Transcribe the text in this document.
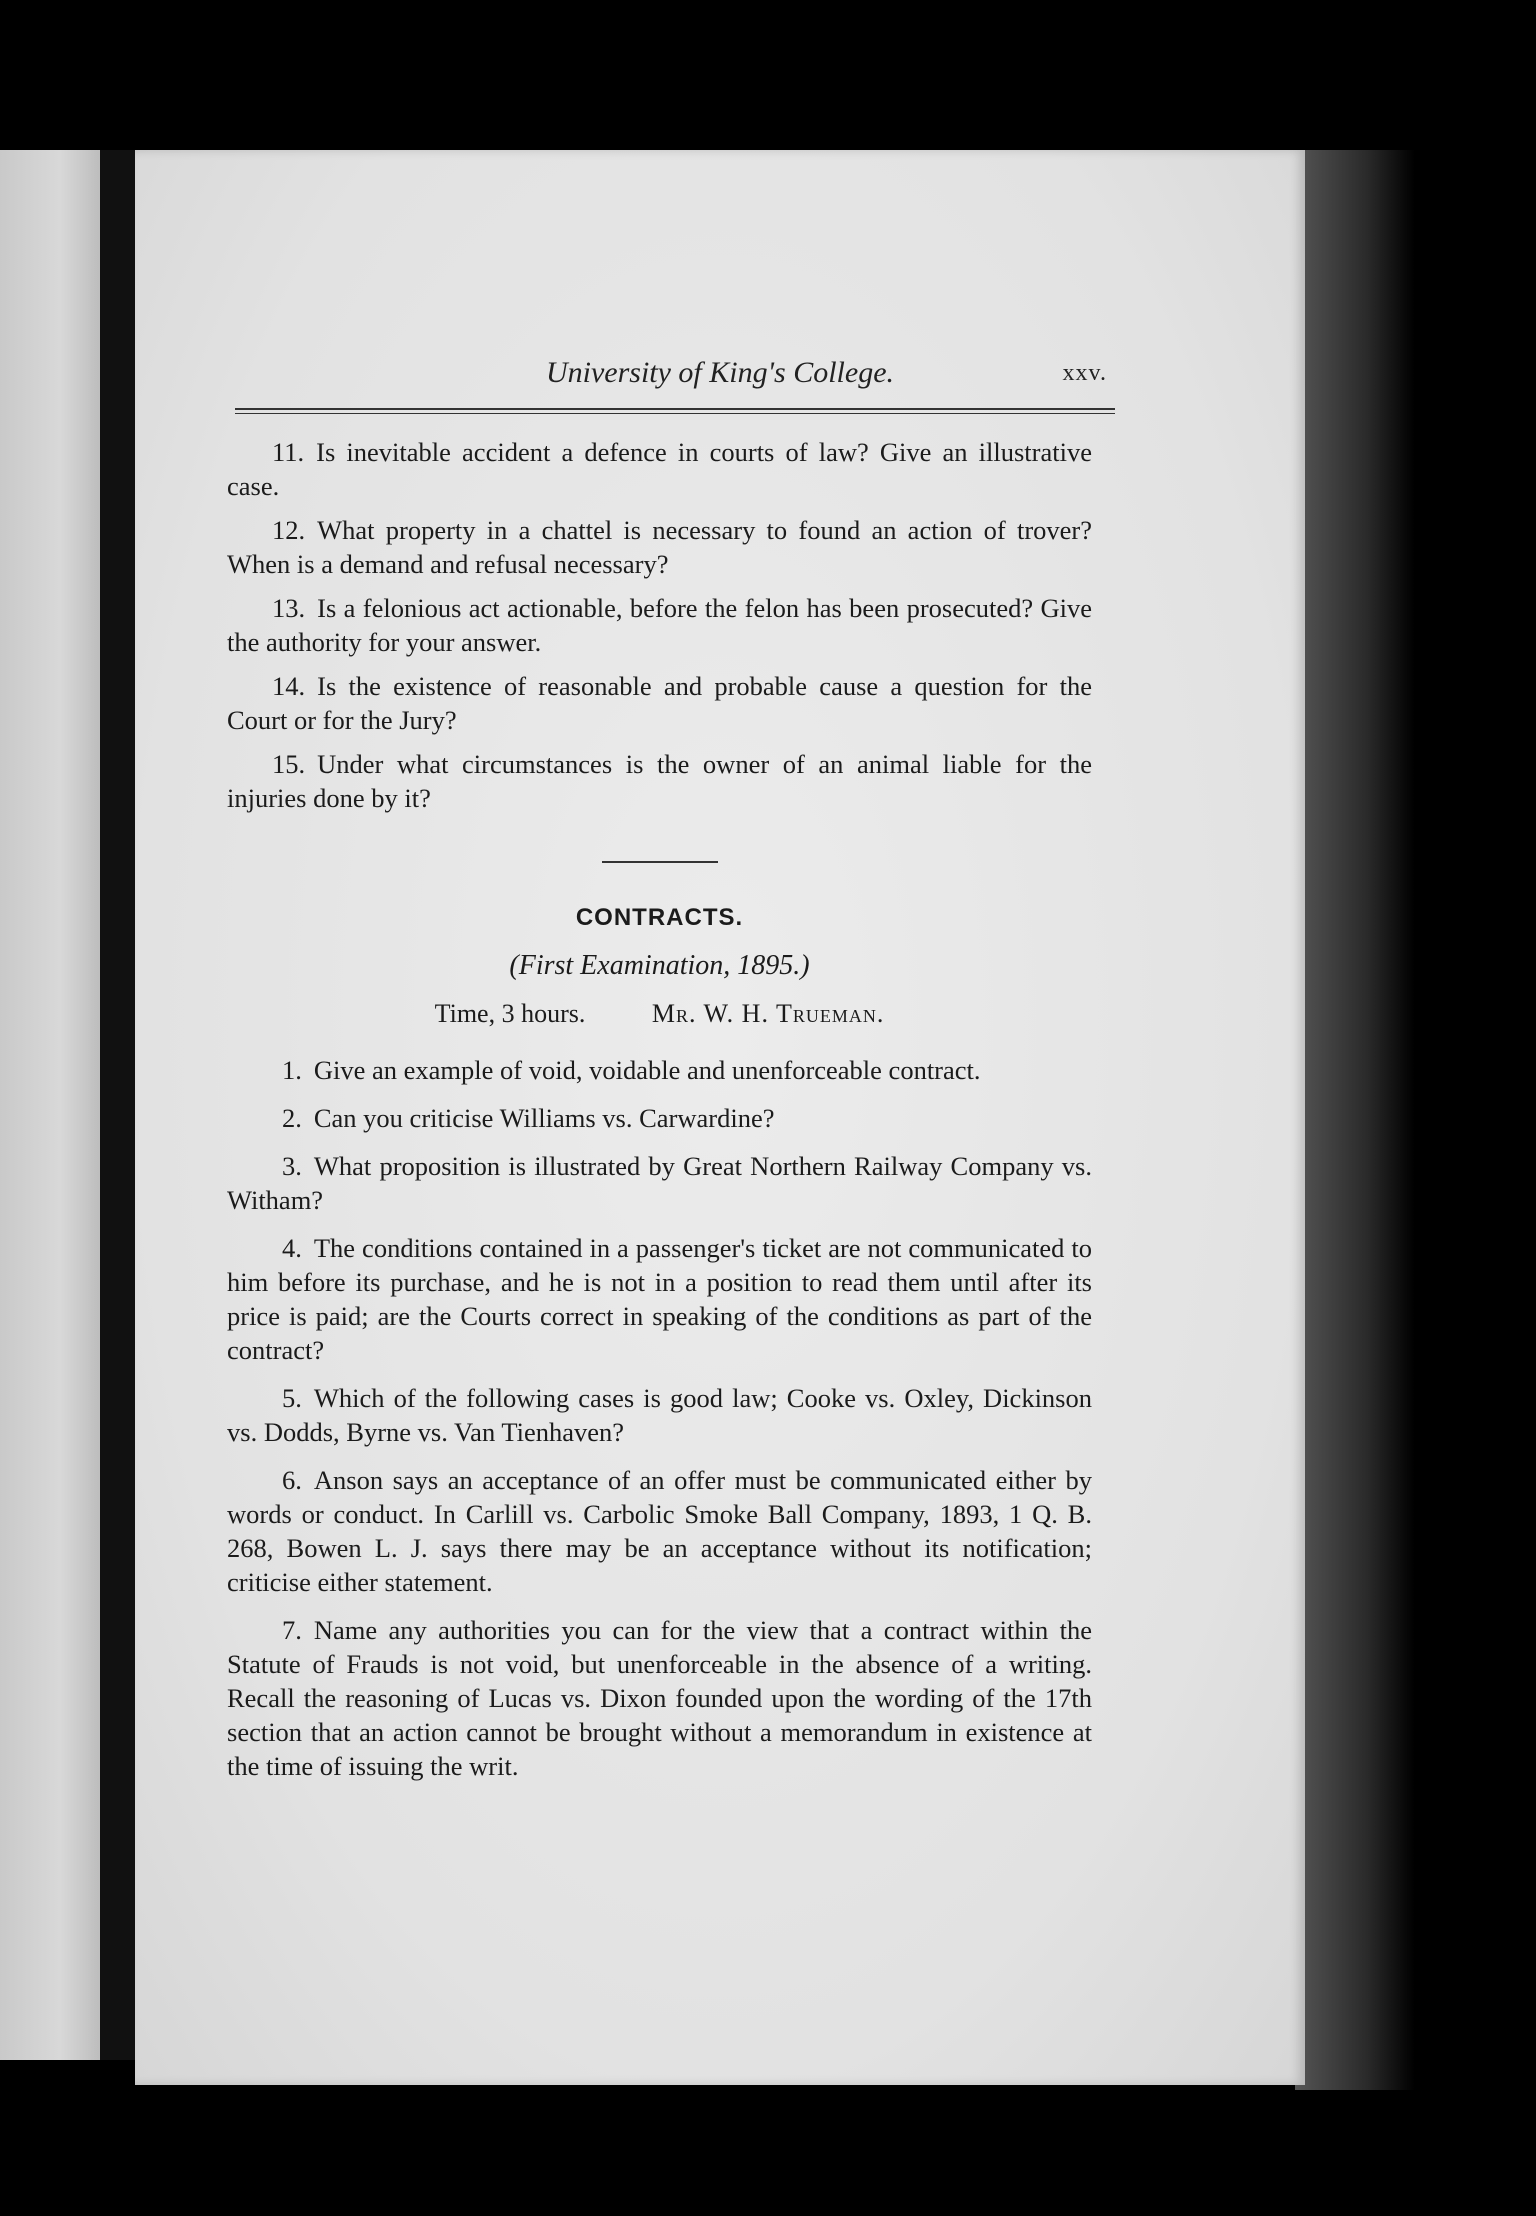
University of King's College.	xxv.

11. Is inevitable accident a defence in courts of law? Give an illustrative case.

12. What property in a chattel is necessary to found an action of trover? When is a demand and refusal necessary?

13. Is a felonious act actionable, before the felon has been prosecuted? Give the authority for your answer.

14. Is the existence of reasonable and probable cause a question for the Court or for the Jury?

15. Under what circumstances is the owner of an animal liable for the injuries done by it?

CONTRACTS.
(First Examination, 1895.)
Time, 3 hours.	Mr. W. H. Trueman.

1. Give an example of void, voidable and unenforceable contract.

2. Can you criticise Williams vs. Carwardine?

3. What proposition is illustrated by Great Northern Railway Company vs. Witham?

4. The conditions contained in a passenger's ticket are not communicated to him before its purchase, and he is not in a position to read them until after its price is paid; are the Courts correct in speaking of the conditions as part of the contract?

5. Which of the following cases is good law; Cooke vs. Oxley, Dickinson vs. Dodds, Byrne vs. Van Tienhaven?

6. Anson says an acceptance of an offer must be communicated either by words or conduct. In Carlill vs. Carbolic Smoke Ball Company, 1893, 1 Q. B. 268, Bowen L. J. says there may be an acceptance without its notification; criticise either statement.

7. Name any authorities you can for the view that a contract within the Statute of Frauds is not void, but unenforceable in the absence of a writing. Recall the reasoning of Lucas vs. Dixon founded upon the wording of the 17th section that an action cannot be brought without a memorandum in existence at the time of issuing the writ.
